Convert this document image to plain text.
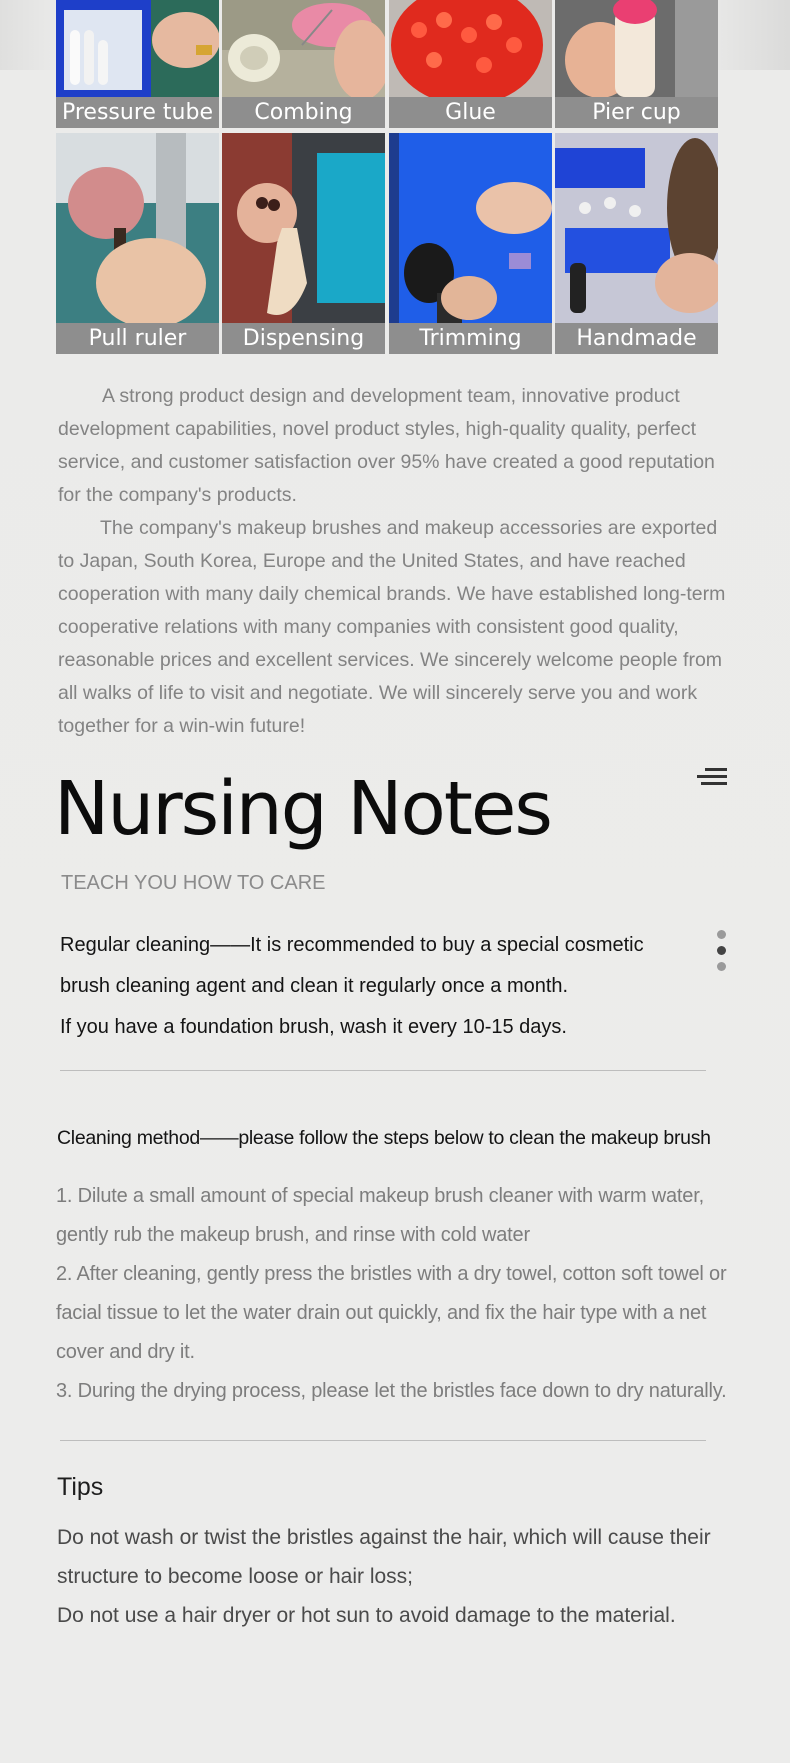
Pressure tube	Combing	Glue	Pier cup
Pull ruler	Dispensing	Trimming	Handmade

A strong product design and development team, innovative product development capabilities, novel product styles, high-quality quality, perfect service, and customer satisfaction over 95% have created a good reputation for the company's products.

The company's makeup brushes and makeup accessories are exported to Japan, South Korea, Europe and the United States, and have reached cooperation with many daily chemical brands. We have established long-term cooperative relations with many companies with consistent good quality, reasonable prices and excellent services. We sincerely welcome people from all walks of life to visit and negotiate. We will sincerely serve you and work together for a win-win future!

Nursing Notes

TEACH YOU HOW TO CARE

Regular cleaning——It is recommended to buy a special cosmetic brush cleaning agent and clean it regularly once a month.

If you have a foundation brush, wash it every 10-15 days.

Cleaning method——please follow the steps below to clean the makeup brush

1. Dilute a small amount of special makeup brush cleaner with warm water, gently rub the makeup brush, and rinse with cold water

2. After cleaning, gently press the bristles with a dry towel, cotton soft towel or facial tissue to let the water drain out quickly, and fix the hair type with a net cover and dry it.

3. During the drying process, please let the bristles face down to dry naturally.

Tips

Do not wash or twist the bristles against the hair, which will cause their structure to become loose or hair loss;

Do not use a hair dryer or hot sun to avoid damage to the material.
